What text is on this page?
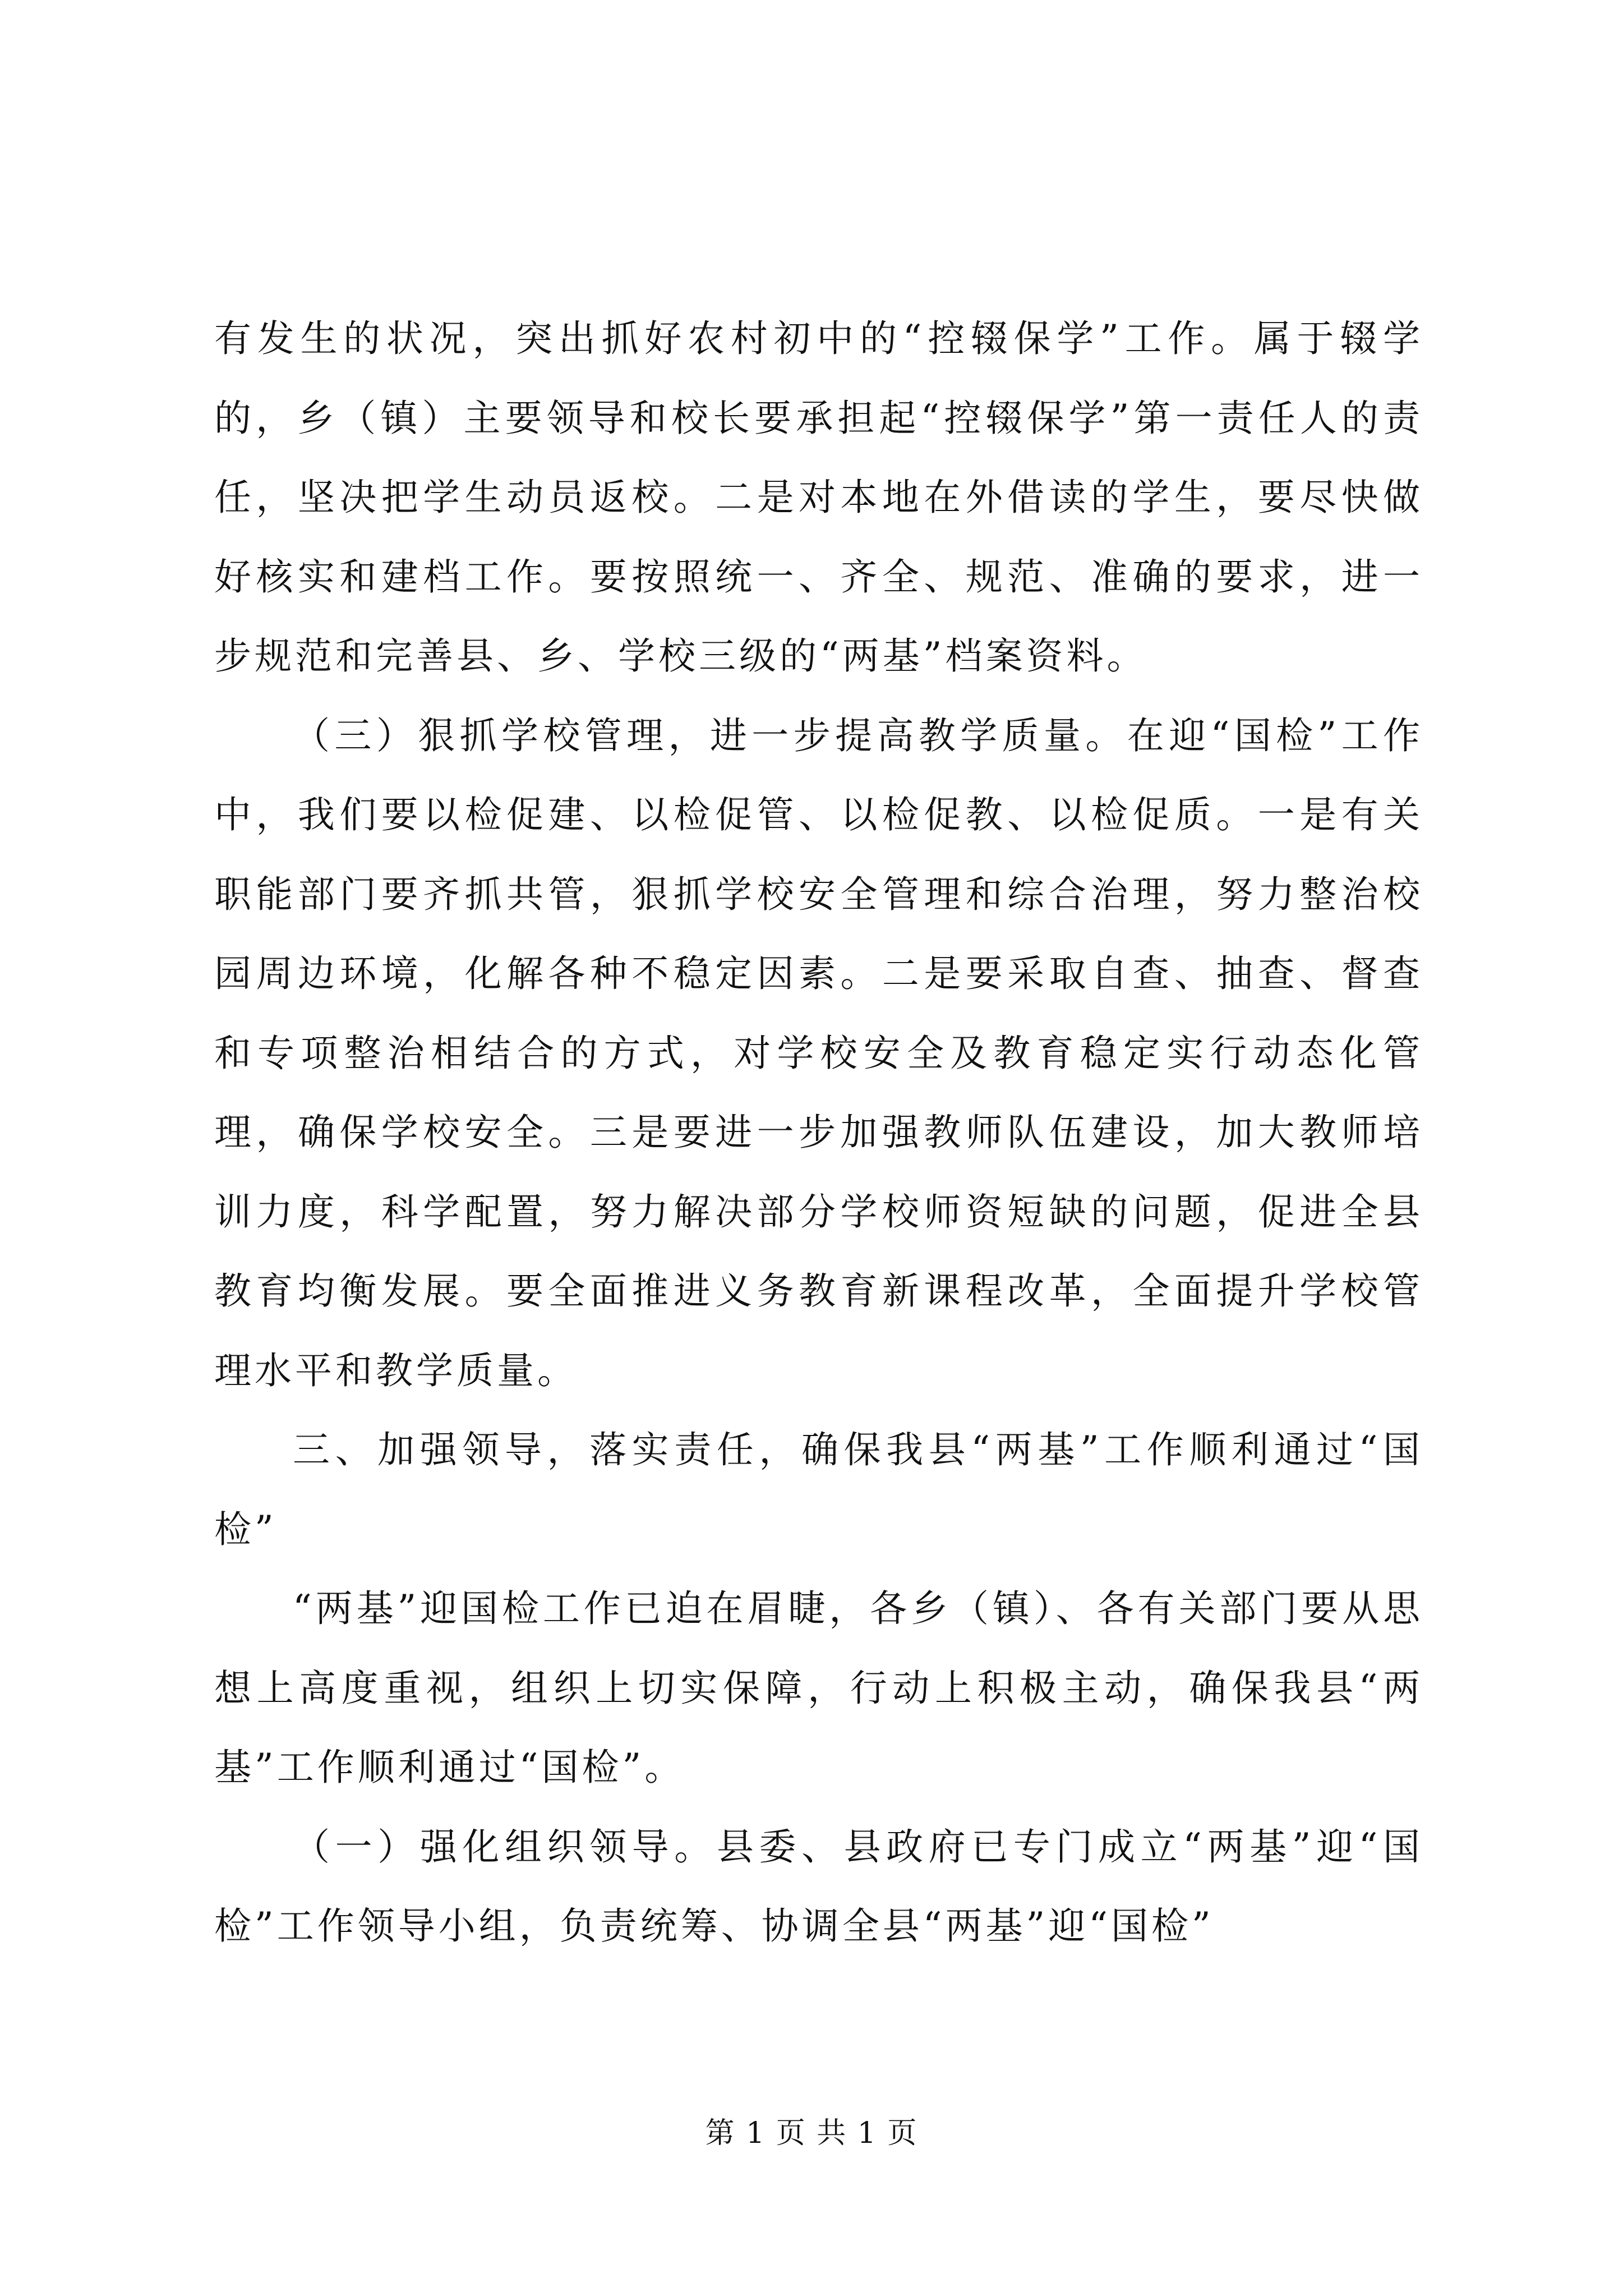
有发生的状况，突出抓好农村初中的“控辍保学”工作。属于辍学的，乡（镇）主要领导和校长要承担起“控辍保学”第一责任人的责任，坚决把学生动员返校。二是对本地在外借读的学生，要尽快做好核实和建档工作。要按照统一、齐全、规范、准确的要求，进一步规范和完善县、乡、学校三级的“两基”档案资料。

（三）狠抓学校管理，进一步提高教学质量。在迎“国检”工作中，我们要以检促建、以检促管、以检促教、以检促质。一是有关职能部门要齐抓共管，狠抓学校安全管理和综合治理，努力整治校园周边环境，化解各种不稳定因素。二是要采取自查、抽查、督查和专项整治相结合的方式，对学校安全及教育稳定实行动态化管理，确保学校安全。三是要进一步加强教师队伍建设，加大教师培训力度，科学配置，努力解决部分学校师资短缺的问题，促进全县教育均衡发展。要全面推进义务教育新课程改革，全面提升学校管理水平和教学质量。

三、加强领导，落实责任，确保我县“两基”工作顺利通过“国检”

“两基”迎国检工作已迫在眉睫，各乡（镇）、各有关部门要从思想上高度重视，组织上切实保障，行动上积极主动，确保我县“两基”工作顺利通过“国检”。

（一）强化组织领导。县委、县政府已专门成立“两基”迎“国检”工作领导小组，负责统筹、协调全县“两基”迎“国检”

第 1 页 共 1 页
